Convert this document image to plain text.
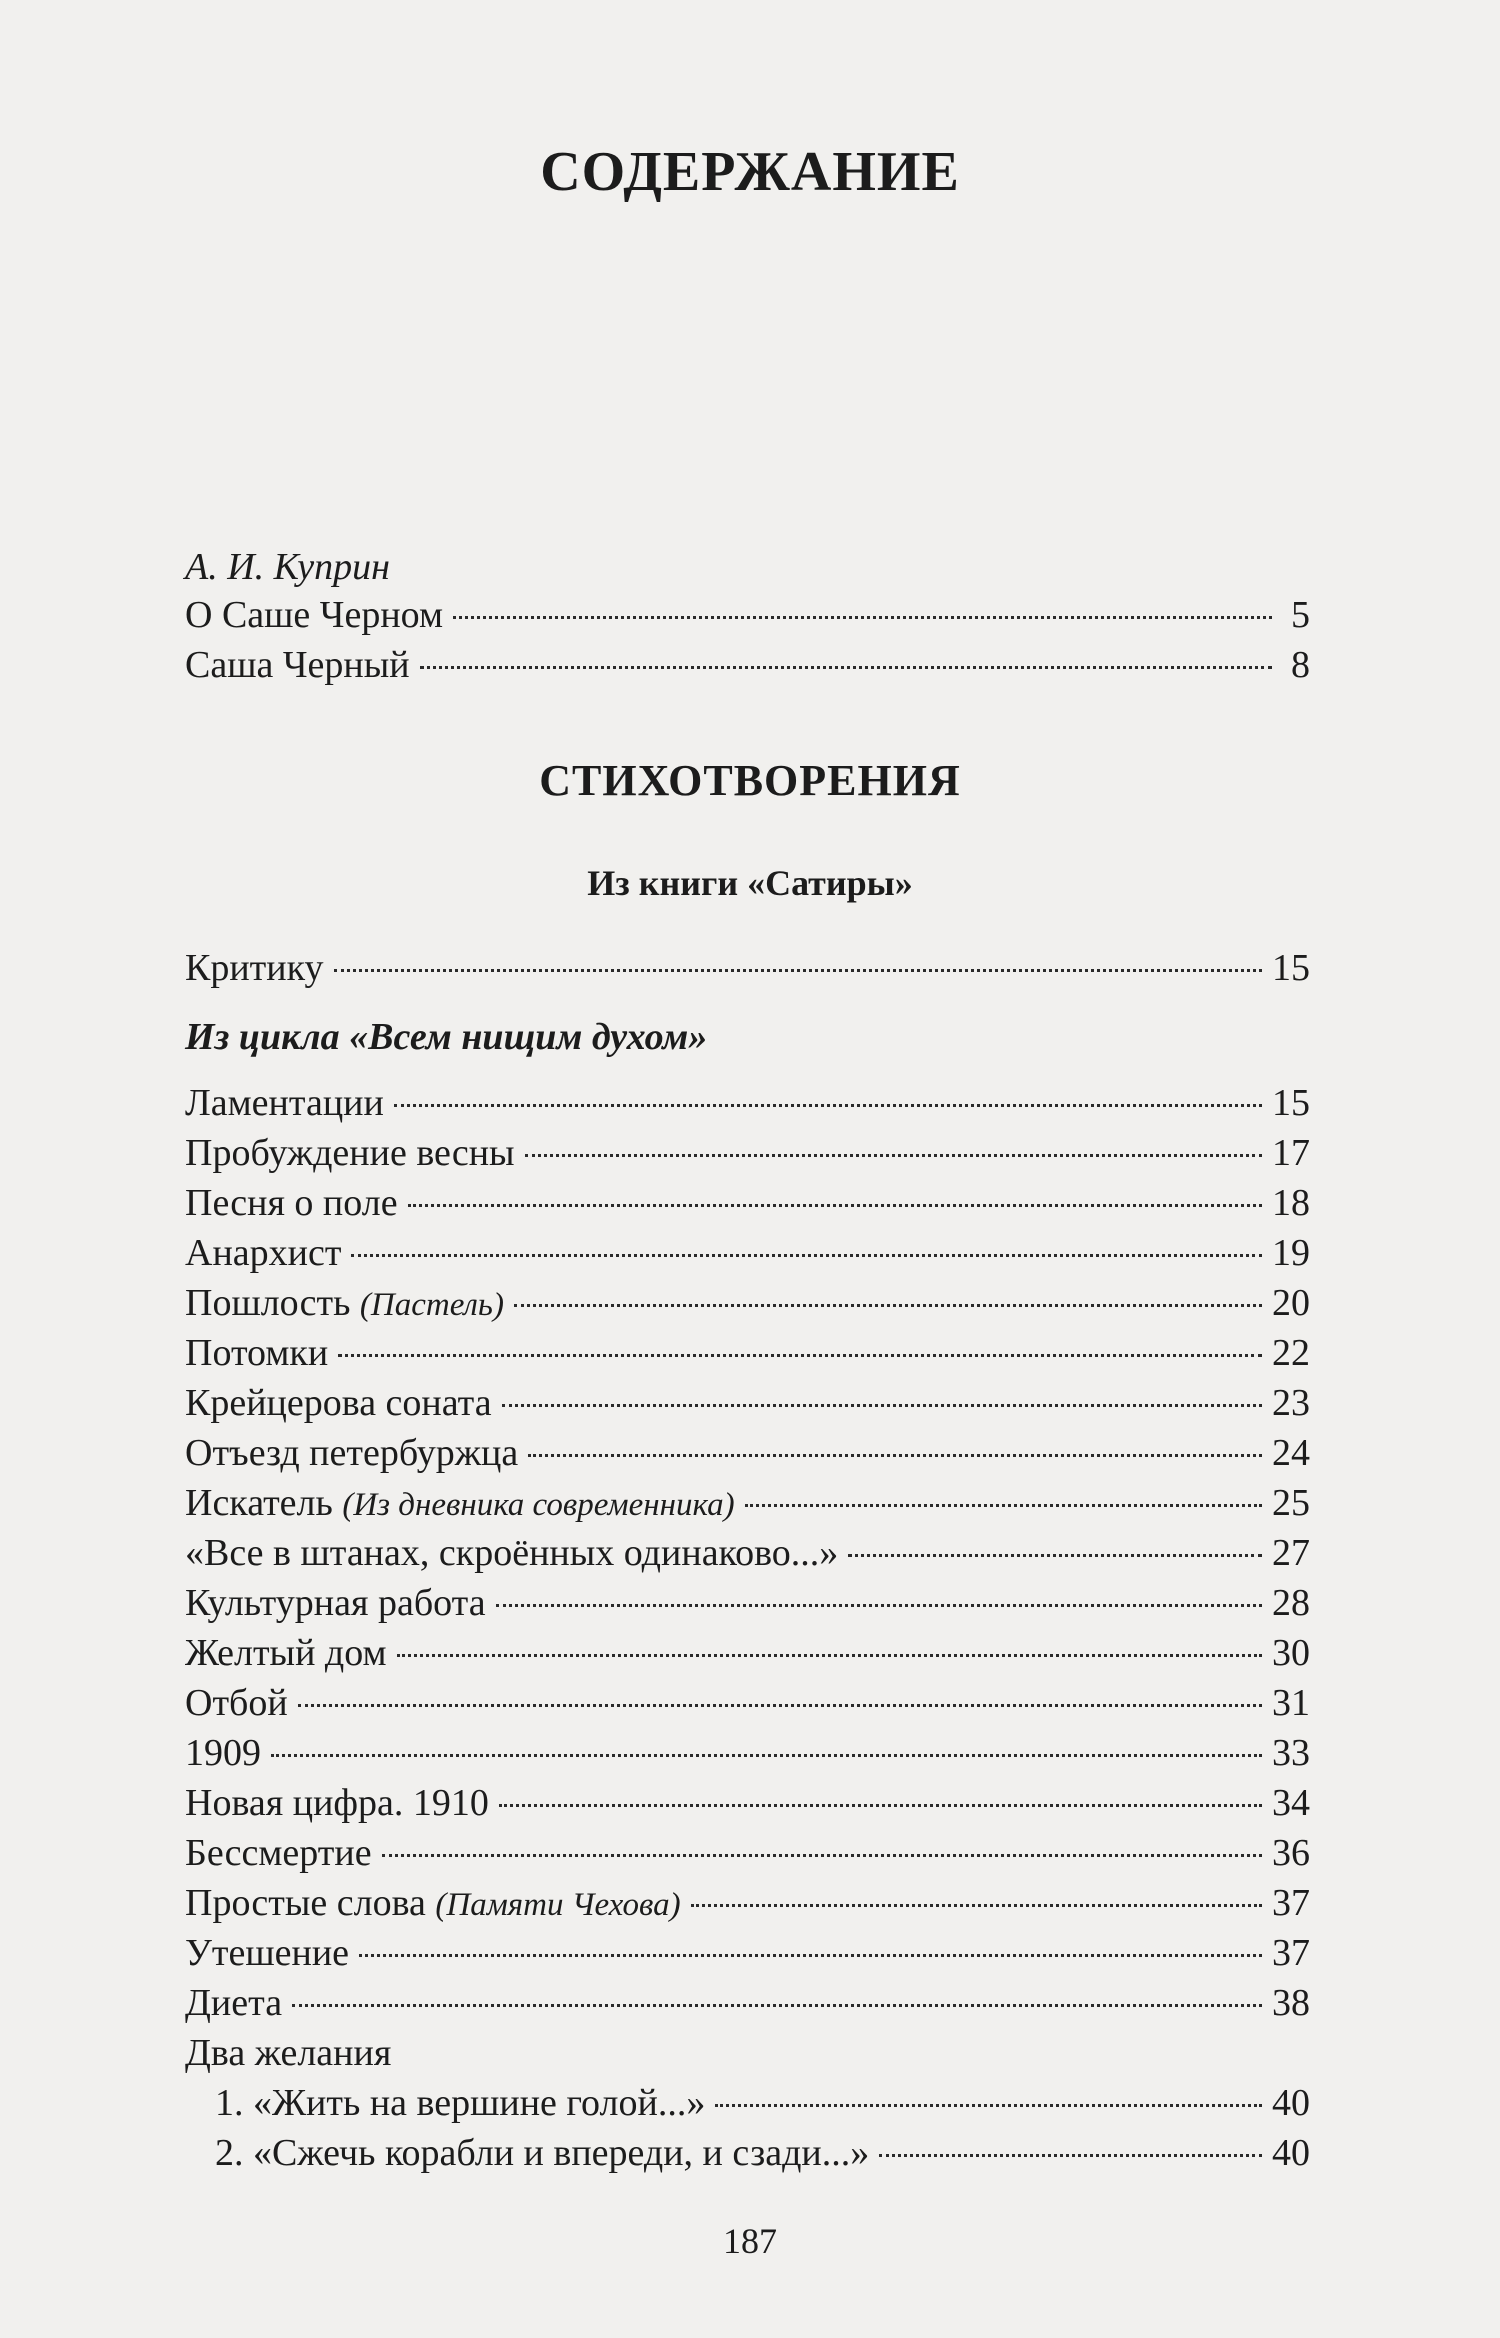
СОДЕРЖАНИЕ
А. И. Куприн
О Саше Черном	5
Саша Черный	8
СТИХОТВОРЕНИЯ
Из книги «Сатиры»
Критику	15
Из цикла «Всем нищим духом»
Ламентации	15
Пробуждение весны	17
Песня о поле	18
Анархист	19
Пошлость (Пастель)	20
Потомки	22
Крейцерова соната	23
Отъезд петербуржца	24
Искатель (Из дневника современника)	25
«Все в штанах, скроённых одинаково...»	27
Культурная работа	28
Желтый дом	30
Отбой	31
1909	33
Новая цифра. 1910	34
Бессмертие	36
Простые слова (Памяти Чехова)	37
Утешение	37
Диета	38
Два желания
1. «Жить на вершине голой...»	40
2. «Сжечь корабли и впереди, и сзади...»	40
187
